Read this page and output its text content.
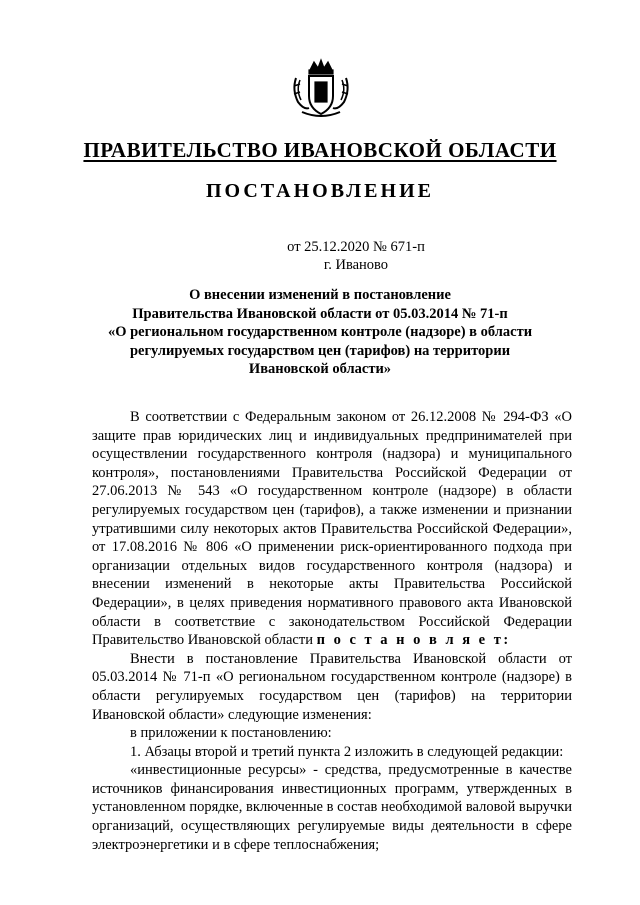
ПРАВИТЕЛЬСТВО ИВАНОВСКОЙ ОБЛАСТИ
ПОСТАНОВЛЕНИЕ
от 25.12.2020 № 671-п
г. Иваново
О внесении изменений в постановление
Правительства Ивановской области от 05.03.2014 № 71-п
«О региональном государственном контроле (надзоре) в области
регулируемых государством цен (тарифов) на территории
Ивановской области»

В соответствии с Федеральным законом от 26.12.2008 № 294-ФЗ «О защите прав юридических лиц и индивидуальных предпринимателей при осуществлении государственного контроля (надзора) и муниципального контроля», постановлениями Правительства Российской Федерации от 27.06.2013 № 543 «О государственном контроле (надзоре) в области регулируемых государством цен (тарифов), а также изменении и признании утратившими силу некоторых актов Правительства Российской Федерации», от 17.08.2016 № 806 «О применении риск-ориентированного подхода при организации отдельных видов государственного контроля (надзора) и внесении изменений в некоторые акты Правительства Российской Федерации», в целях приведения нормативного правового акта Ивановской области в соответствие с законодательством Российской Федерации Правительство Ивановской области п о с т а н о в л я е т:

Внести в постановление Правительства Ивановской области от 05.03.2014 № 71-п «О региональном государственном контроле (надзоре) в области регулируемых государством цен (тарифов) на территории Ивановской области» следующие изменения:

в приложении к постановлению:

1. Абзацы второй и третий пункта 2 изложить в следующей редакции:

«инвестиционные ресурсы» - средства, предусмотренные в качестве источников финансирования инвестиционных программ, утвержденных в установленном порядке, включенные в состав необходимой валовой выручки организаций, осуществляющих регулируемые виды деятельности в сфере электроэнергетики и в сфере теплоснабжения;
